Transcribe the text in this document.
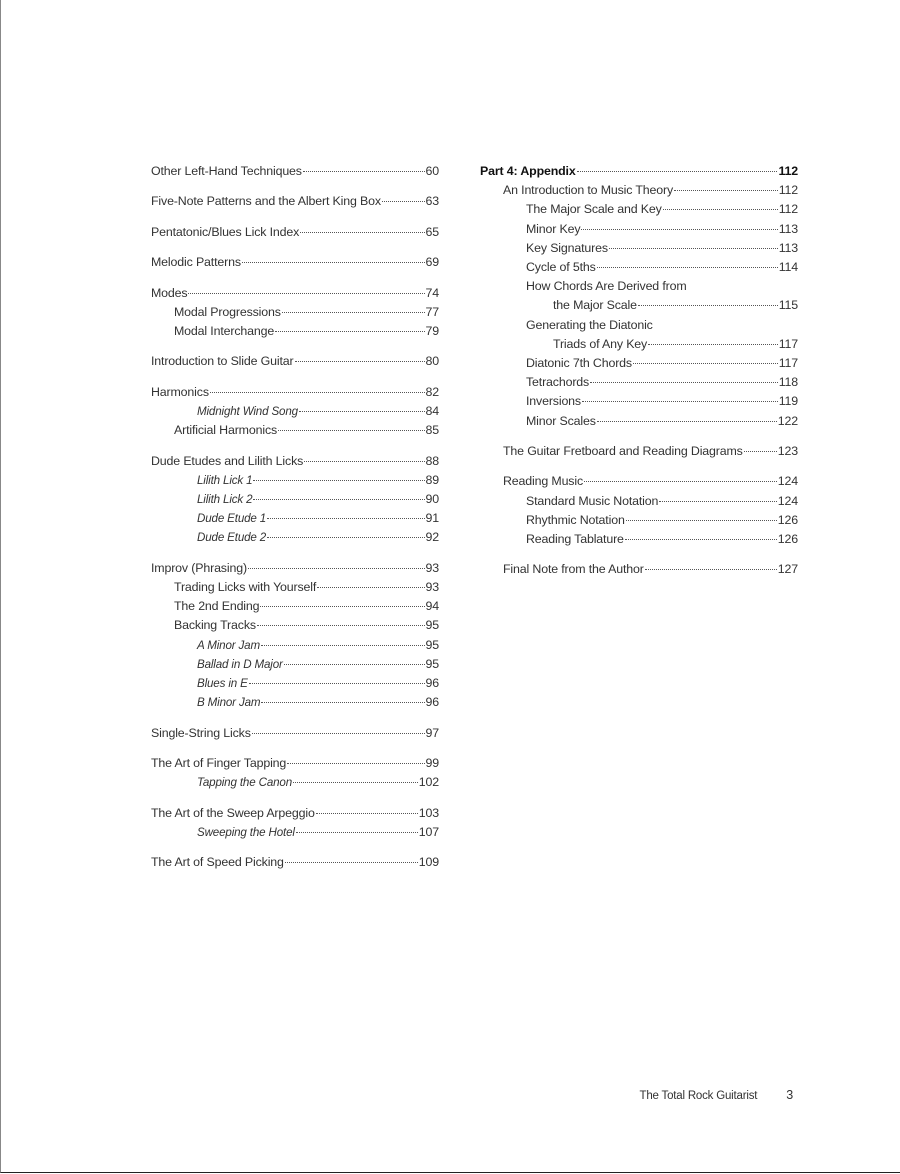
Other Left-Hand Techniques	60
Five-Note Patterns and the Albert King Box	63
Pentatonic/Blues Lick Index	65
Melodic Patterns	69
Modes	74
Modal Progressions	77
Modal Interchange	79
Introduction to Slide Guitar	80
Harmonics	82
Midnight Wind Song	84
Artificial Harmonics	85
Dude Etudes and Lilith Licks	88
Lilith Lick 1	89
Lilith Lick 2	90
Dude Etude 1	91
Dude Etude 2	92
Improv (Phrasing)	93
Trading Licks with Yourself	93
The 2nd Ending	94
Backing Tracks	95
A Minor Jam	95
Ballad in D Major	95
Blues in E	96
B Minor Jam	96
Single-String Licks	97
The Art of Finger Tapping	99
Tapping the Canon	102
The Art of the Sweep Arpeggio	103
Sweeping the Hotel	107
The Art of Speed Picking	109
Part 4: Appendix	112
An Introduction to Music Theory	112
The Major Scale and Key	112
Minor Key	113
Key Signatures	113
Cycle of 5ths	114
How Chords Are Derived from
the Major Scale	115
Generating the Diatonic
Triads of Any Key	117
Diatonic 7th Chords	117
Tetrachords	118
Inversions	119
Minor Scales	122
The Guitar Fretboard and Reading Diagrams	123
Reading Music	124
Standard Music Notation	124
Rhythmic Notation	126
Reading Tablature	126
Final Note from the Author	127
The Total Rock Guitarist 3
